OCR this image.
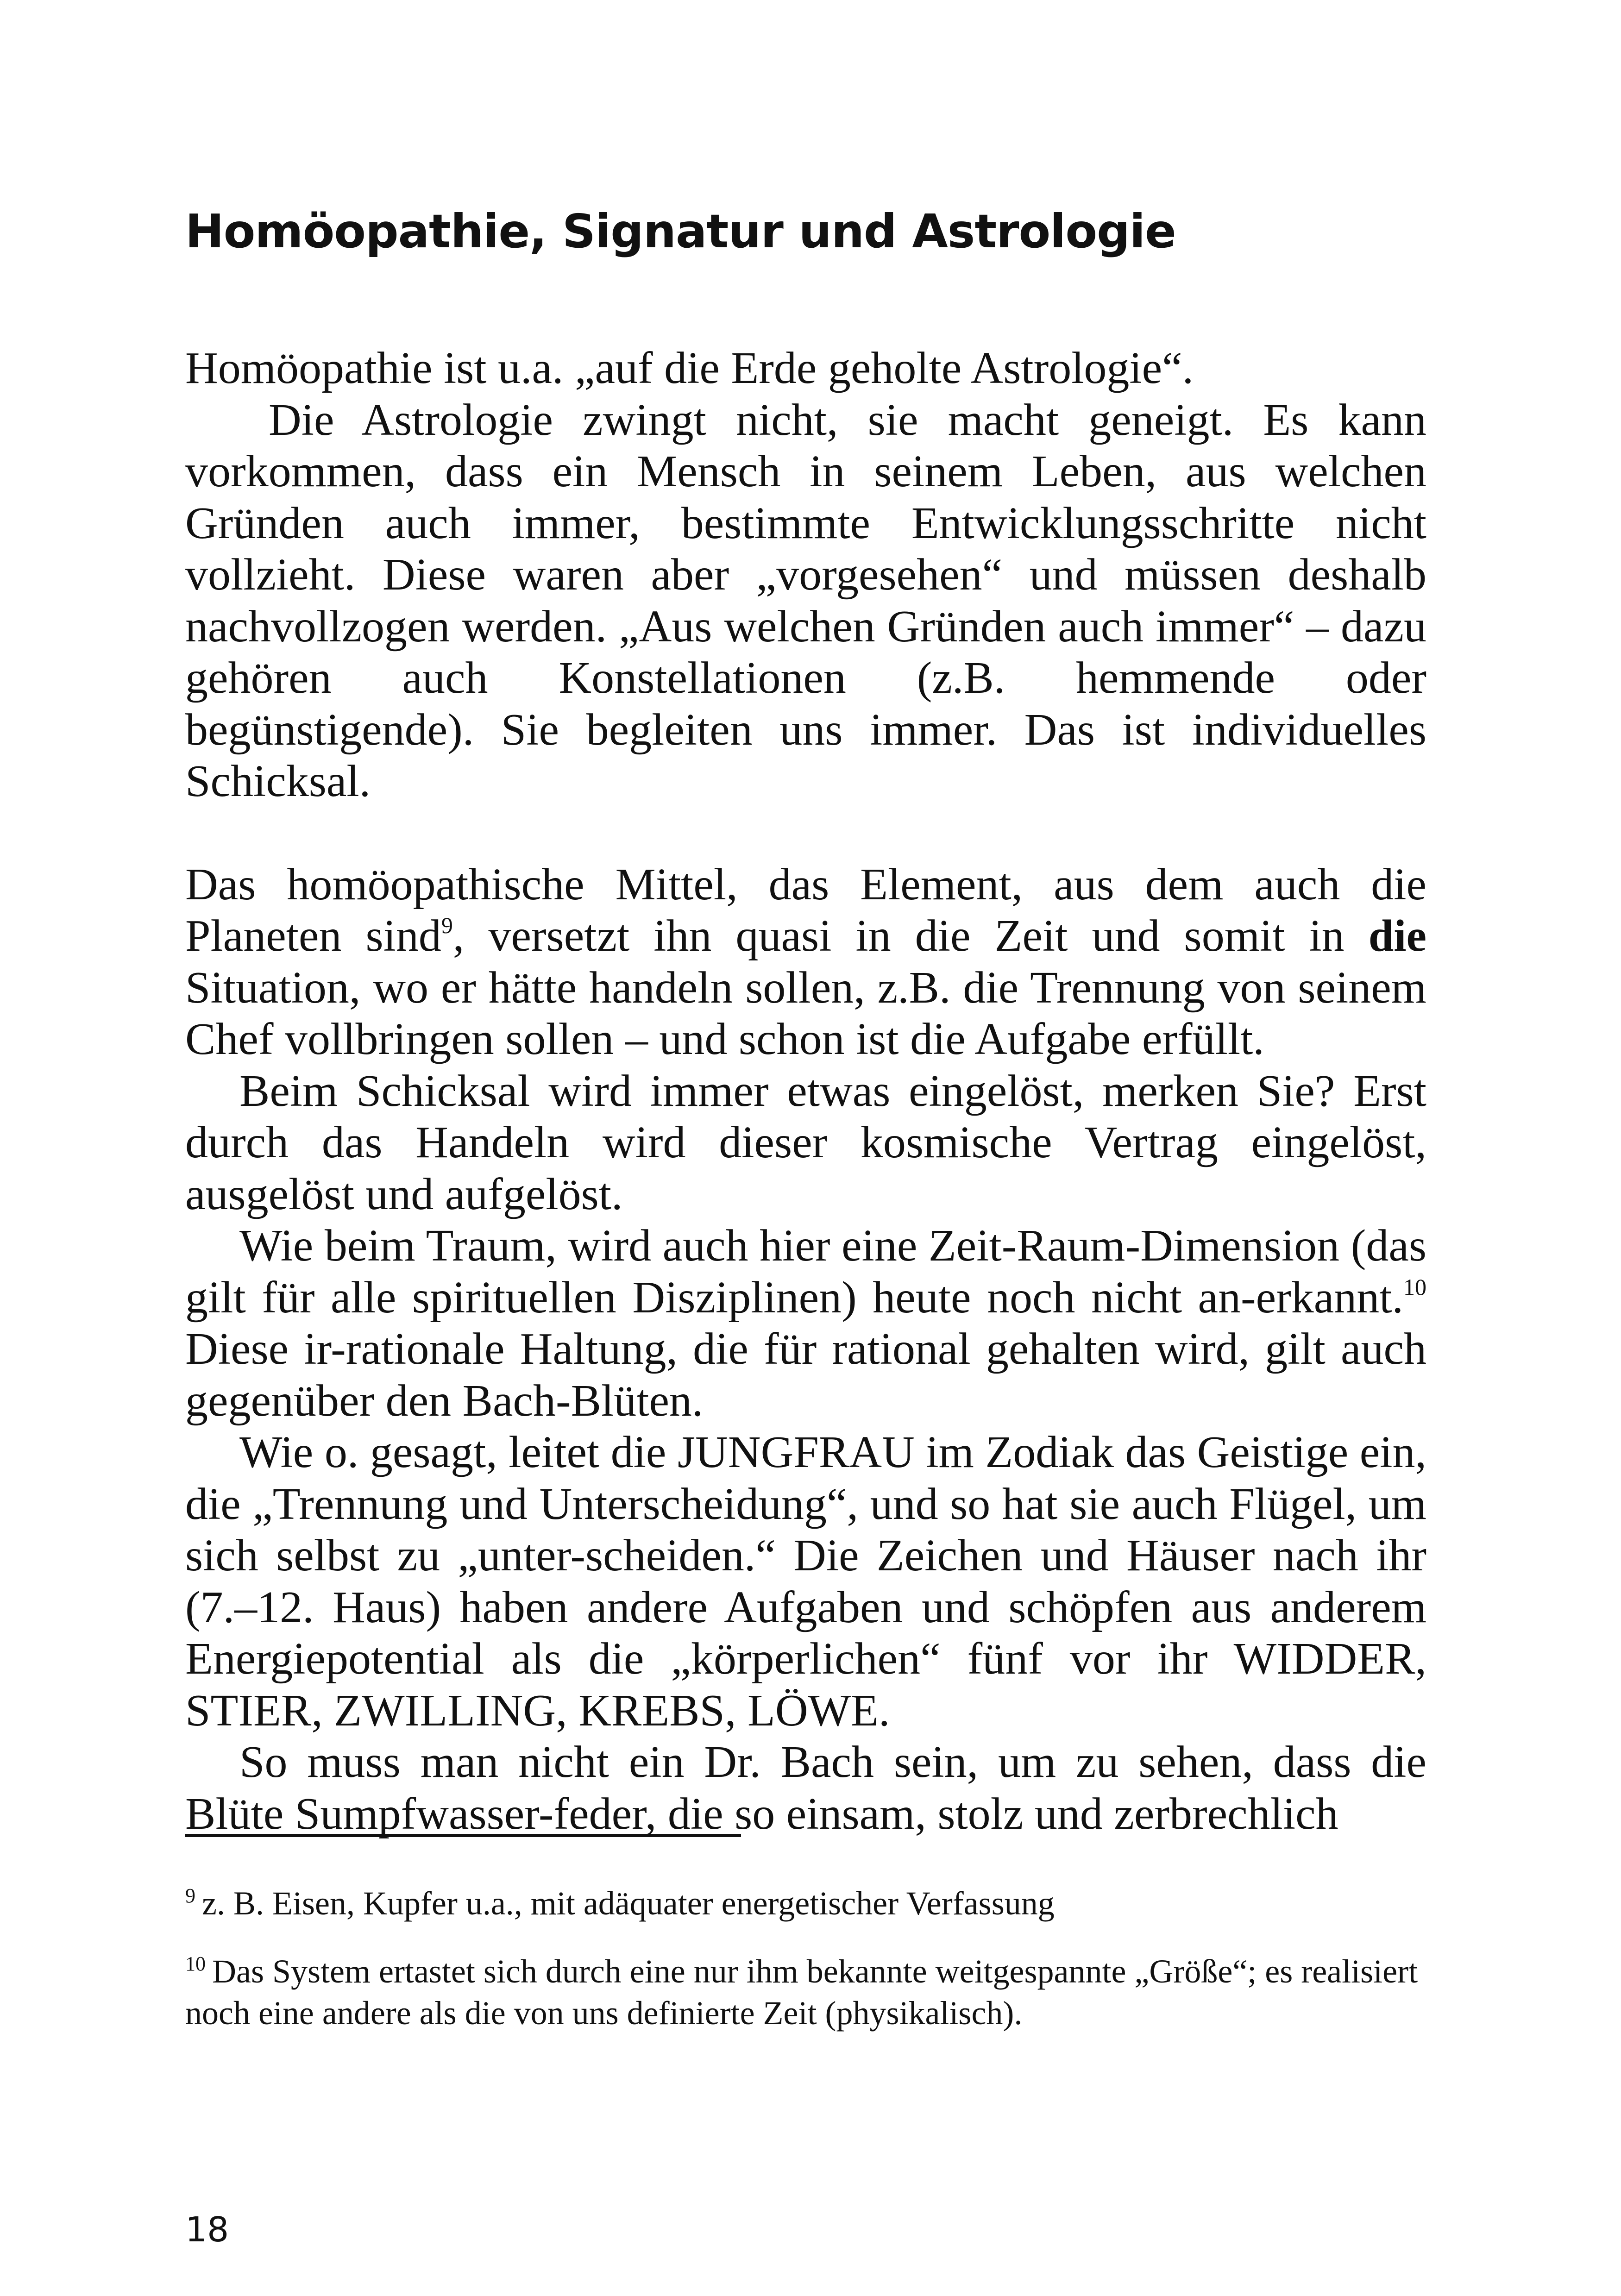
Homöopathie, Signatur und Astrologie

Homöopathie ist u.a. „auf die Erde geholte Astrologie“.

Die Astrologie zwingt nicht, sie macht geneigt. Es kann vorkommen, dass ein Mensch in seinem Leben, aus welchen Gründen auch immer, bestimmte Entwicklungsschritte nicht vollzieht. Diese waren aber „vorgesehen“ und müssen deshalb nachvollzogen werden. „Aus welchen Gründen auch immer“ – dazu gehören auch Konstellationen (z.B. hemmende oder begünstigende). Sie begleiten uns immer. Das ist individuelles Schicksal.

Das homöopathische Mittel, das Element, aus dem auch die Planeten sind$^9$, versetzt ihn quasi in die Zeit und somit in die Situation, wo er hätte handeln sollen, z.B. die Trennung von seinem Chef vollbringen sollen – und schon ist die Aufgabe erfüllt.

Beim Schicksal wird immer etwas eingelöst, merken Sie? Erst durch das Handeln wird dieser kosmische Vertrag eingelöst, ausgelöst und aufgelöst.

Wie beim Traum, wird auch hier eine Zeit-Raum-Dimension (das gilt für alle spirituellen Disziplinen) heute noch nicht an-erkannt.$^{10}$ Diese ir-rationale Haltung, die für rational gehalten wird, gilt auch gegenüber den Bach-Blüten.

Wie o. gesagt, leitet die JUNGFRAU im Zodiak das Geistige ein, die „Trennung und Unterscheidung“, und so hat sie auch Flügel, um sich selbst zu „unter-scheiden.“ Die Zeichen und Häuser nach ihr (7.–12. Haus) haben andere Aufgaben und schöpfen aus anderem Energiepotential als die „körperlichen“ fünf vor ihr WIDDER, STIER, ZWILLING, KREBS, LÖWE.

So muss man nicht ein Dr. Bach sein, um zu sehen, dass die Blüte Sumpfwasser-feder, die so einsam, stolz und zerbrechlich

$^9$ z. B. Eisen, Kupfer u.a., mit adäquater energetischer Verfassung

$^{10}$ Das System ertastet sich durch eine nur ihm bekannte weitgespannte „Größe“; es realisiert noch eine andere als die von uns definierte Zeit (physikalisch).

18
